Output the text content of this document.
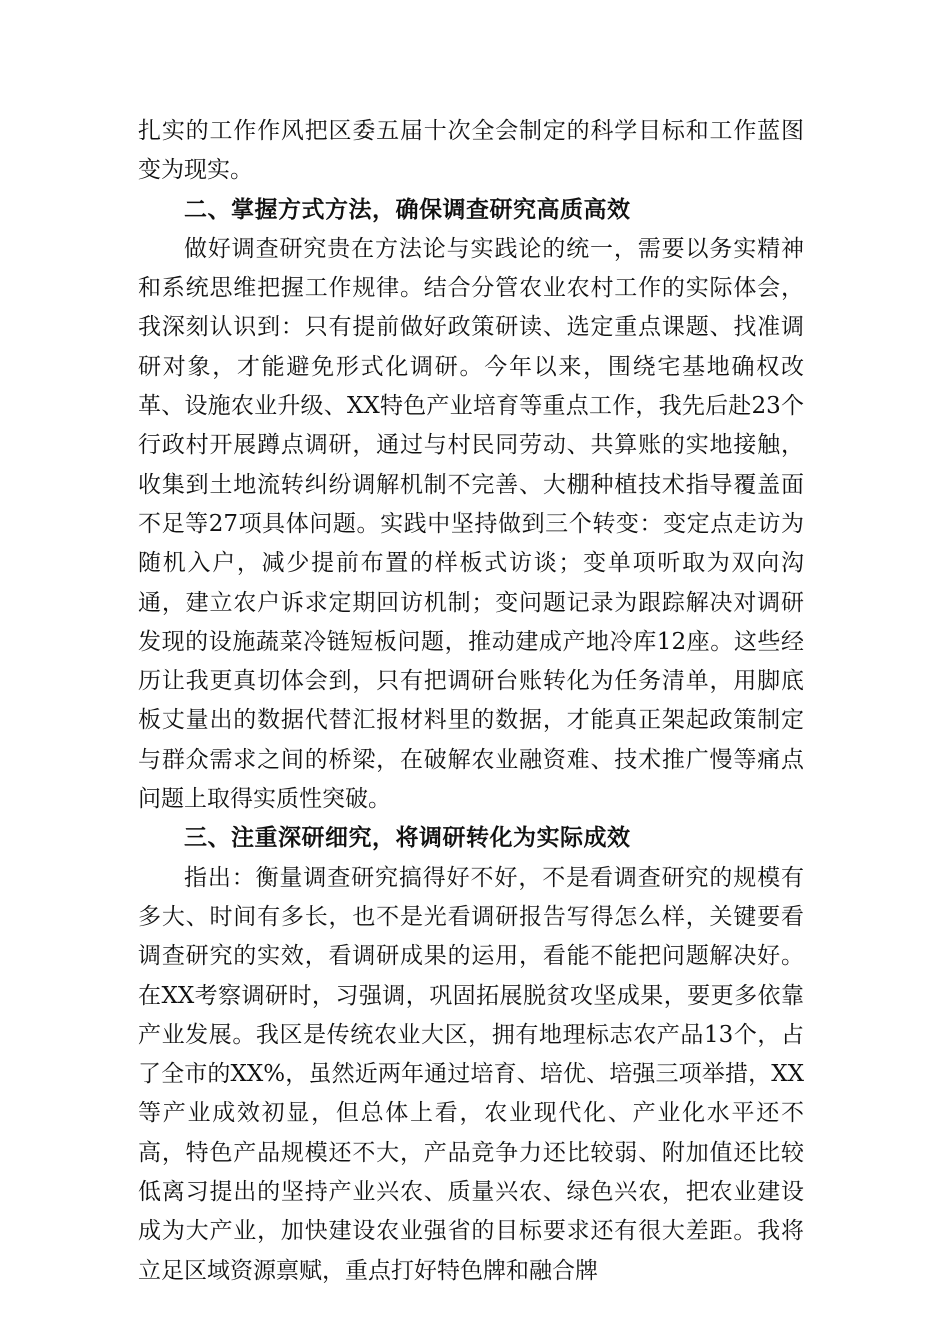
扎实的工作作风把区委五届十次全会制定的科学目标和工作蓝图变为现实。

二、掌握方式方法，确保调查研究高质高效

做好调查研究贵在方法论与实践论的统一，需要以务实精神和系统思维把握工作规律。结合分管农业农村工作的实际体会，我深刻认识到：只有提前做好政策研读、选定重点课题、找准调研对象，才能避免形式化调研。今年以来，围绕宅基地确权改革、设施农业升级、XX特色产业培育等重点工作，我先后赴23个行政村开展蹲点调研，通过与村民同劳动、共算账的实地接触，收集到土地流转纠纷调解机制不完善、大棚种植技术指导覆盖面不足等27项具体问题。实践中坚持做到三个转变：变定点走访为随机入户，减少提前布置的样板式访谈；变单项听取为双向沟通，建立农户诉求定期回访机制；变问题记录为跟踪解决对调研发现的设施蔬菜冷链短板问题，推动建成产地冷库12座。这些经历让我更真切体会到，只有把调研台账转化为任务清单，用脚底板丈量出的数据代替汇报材料里的数据，才能真正架起政策制定与群众需求之间的桥梁，在破解农业融资难、技术推广慢等痛点问题上取得实质性突破。

三、注重深研细究，将调研转化为实际成效

指出：衡量调查研究搞得好不好，不是看调查研究的规模有多大、时间有多长，也不是光看调研报告写得怎么样，关键要看调查研究的实效，看调研成果的运用，看能不能把问题解决好。在XX考察调研时，习强调，巩固拓展脱贫攻坚成果，要更多依靠产业发展。我区是传统农业大区，拥有地理标志农产品13个，占了全市的XX%，虽然近两年通过培育、培优、培强三项举措，XX等产业成效初显，但总体上看，农业现代化、产业化水平还不高，特色产品规模还不大，产品竞争力还比较弱、附加值还比较低离习提出的坚持产业兴农、质量兴农、绿色兴农，把农业建设成为大产业，加快建设农业强省的目标要求还有很大差距。我将立足区域资源禀赋，重点打好特色牌和融合牌
